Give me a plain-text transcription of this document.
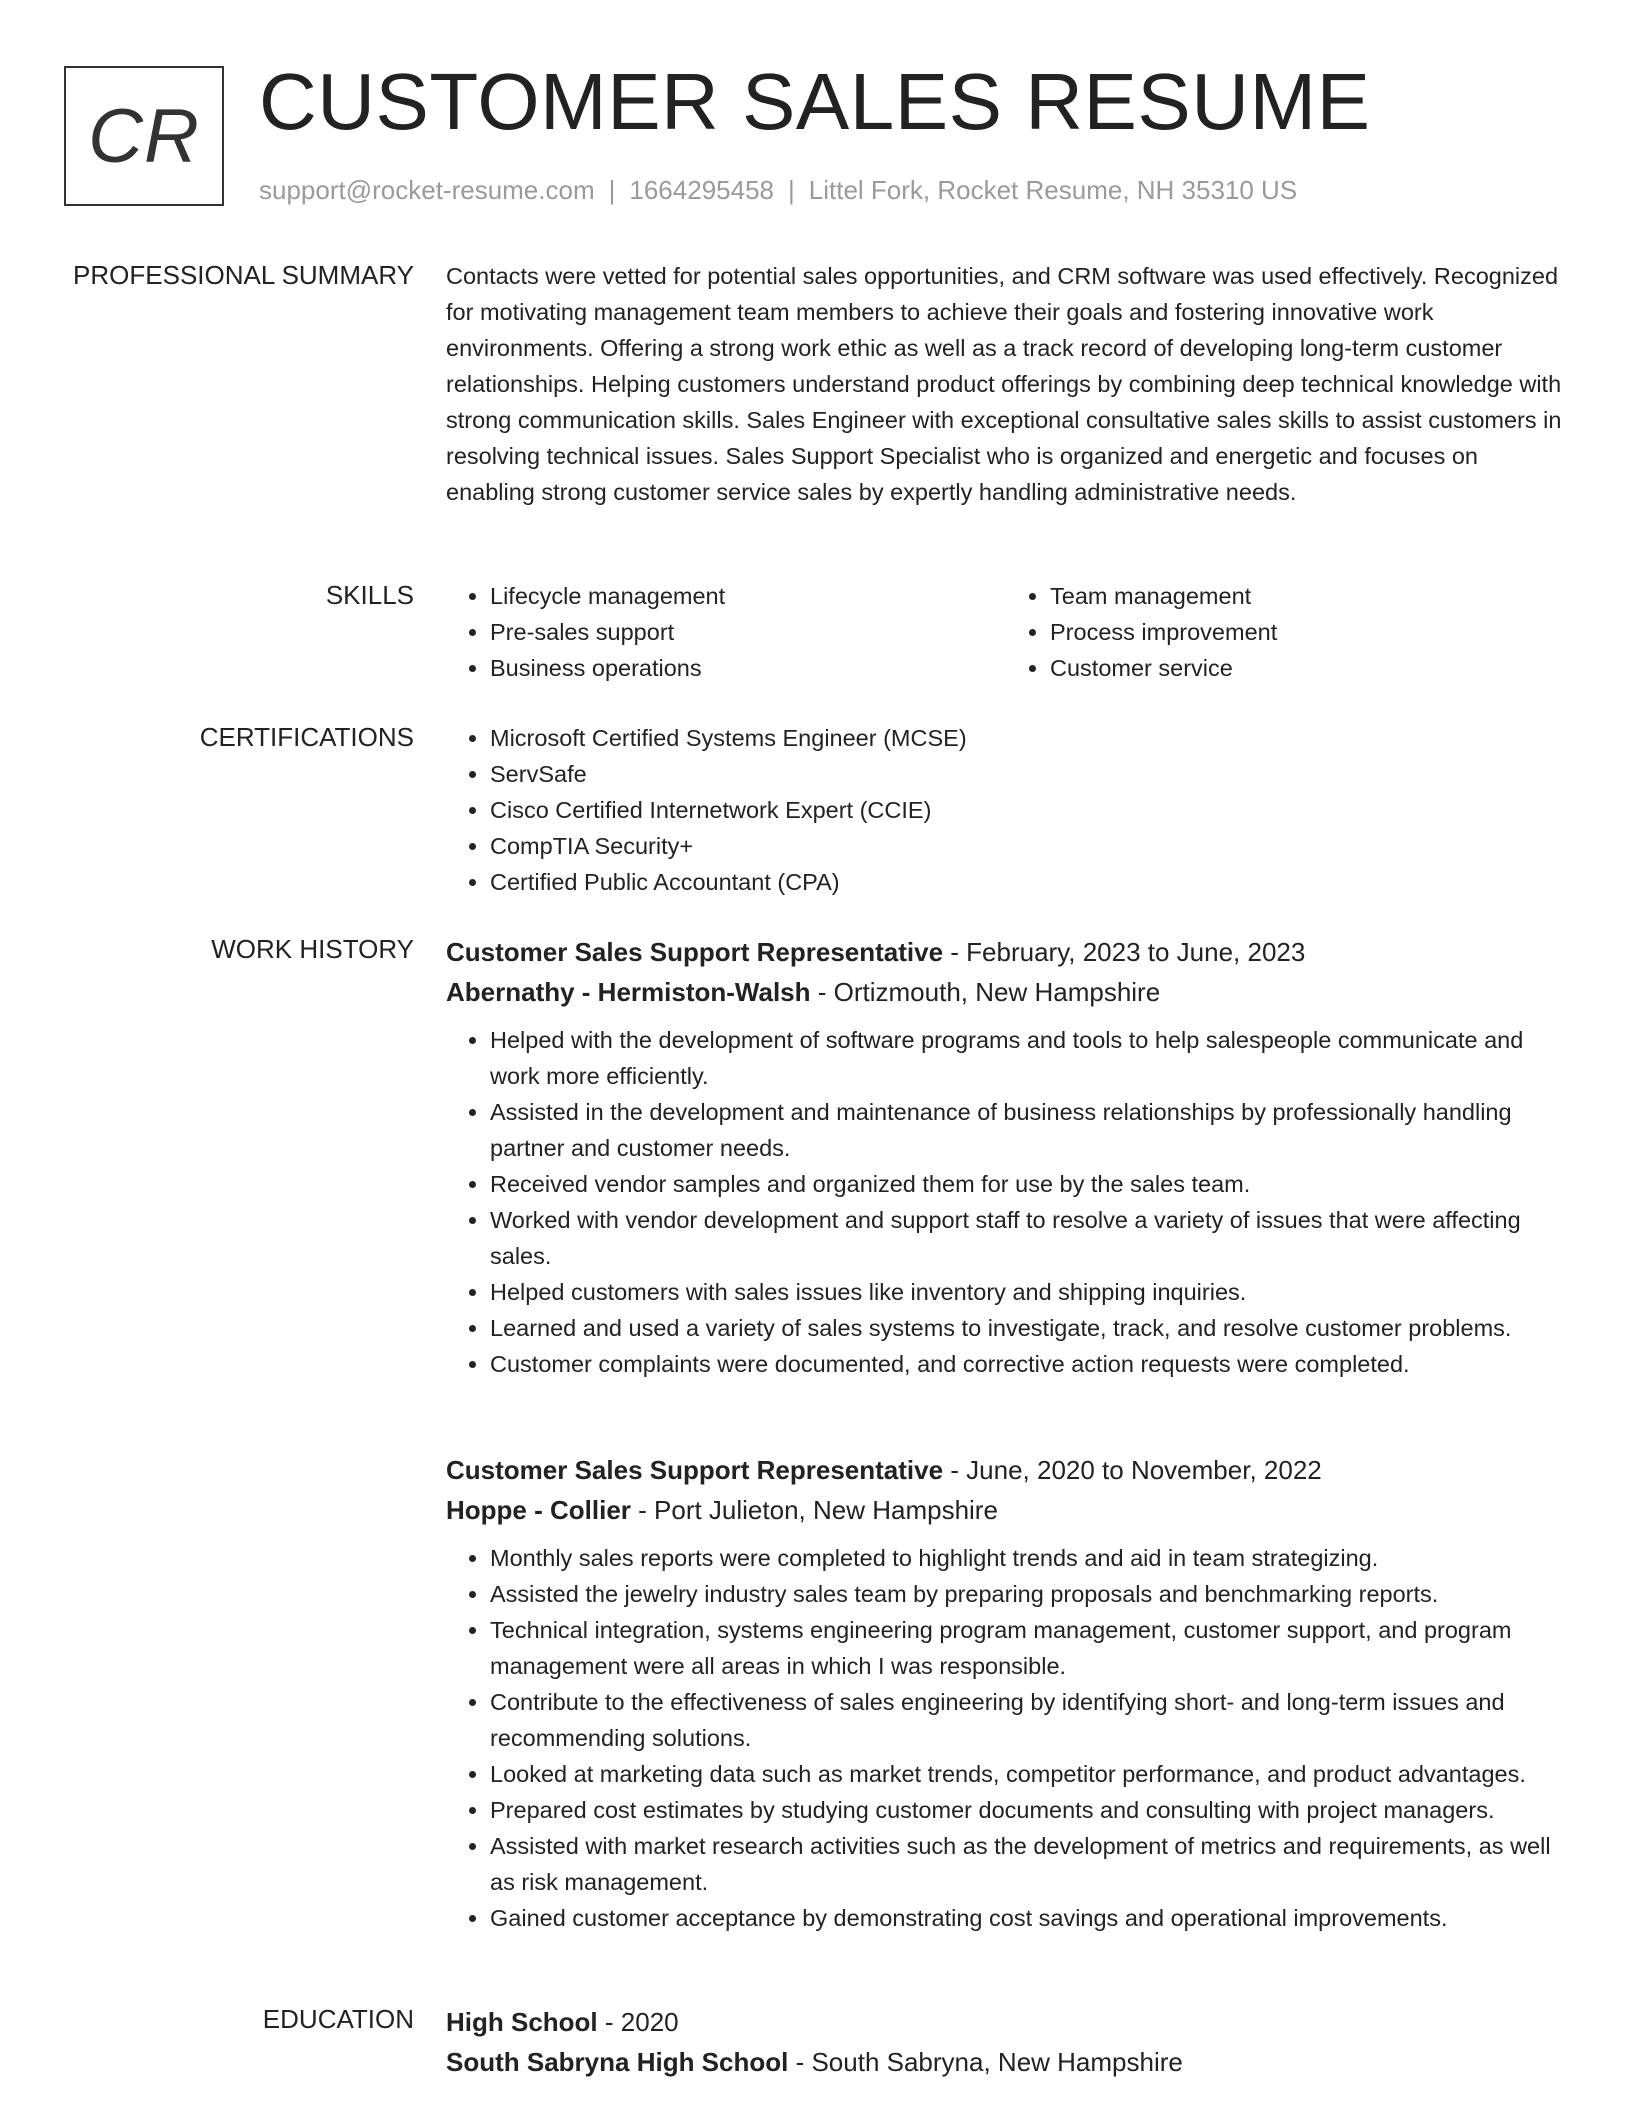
CR CUSTOMER SALES RESUME
support@rocket-resume.com | 1664295458 | Littel Fork, Rocket Resume, NH 35310 US
PROFESSIONAL SUMMARY Contacts were vetted for potential sales opportunities, and CRM software was used effectively. Recognized for motivating management team members to achieve their goals and fostering innovative work environments. Offering a strong work ethic as well as a track record of developing long-term customer relationships. Helping customers understand product offerings by combining deep technical knowledge with strong communication skills. Sales Engineer with exceptional consultative sales skills to assist customers in resolving technical issues. Sales Support Specialist who is organized and energetic and focuses on enabling strong customer service sales by expertly handling administrative needs.
SKILLS	• Lifecycle management
• Pre-sales support
• Business operations
• Team management
• Process improvement
• Customer service
CERTIFICATIONS	• Microsoft Certified Systems Engineer (MCSE)
• ServSafe
• Cisco Certified Internetwork Expert (CCIE)
• CompTIA Security+
• Certified Public Accountant (CPA)
WORK HISTORY Customer Sales Support Representative - February, 2023 to June, 2023
Abernathy - Hermiston-Walsh - Ortizmouth, New Hampshire
• Helped with the development of software programs and tools to help salespeople communicate and work more efficiently.
• Assisted in the development and maintenance of business relationships by professionally handling partner and customer needs.
• Received vendor samples and organized them for use by the sales team.
• Worked with vendor development and support staff to resolve a variety of issues that were affecting sales.
• Helped customers with sales issues like inventory and shipping inquiries.
• Learned and used a variety of sales systems to investigate, track, and resolve customer problems.
• Customer complaints were documented, and corrective action requests were completed.
Customer Sales Support Representative - June, 2020 to November, 2022
Hoppe - Collier - Port Julieton, New Hampshire
• Monthly sales reports were completed to highlight trends and aid in team strategizing.
• Assisted the jewelry industry sales team by preparing proposals and benchmarking reports.
• Technical integration, systems engineering program management, customer support, and program management were all areas in which I was responsible.
• Contribute to the effectiveness of sales engineering by identifying short- and long-term issues and recommending solutions.
• Looked at marketing data such as market trends, competitor performance, and product advantages.
• Prepared cost estimates by studying customer documents and consulting with project managers.
• Assisted with market research activities such as the development of metrics and requirements, as well as risk management.
• Gained customer acceptance by demonstrating cost savings and operational improvements.
EDUCATION High School - 2020
South Sabryna High School - South Sabryna, New Hampshire
